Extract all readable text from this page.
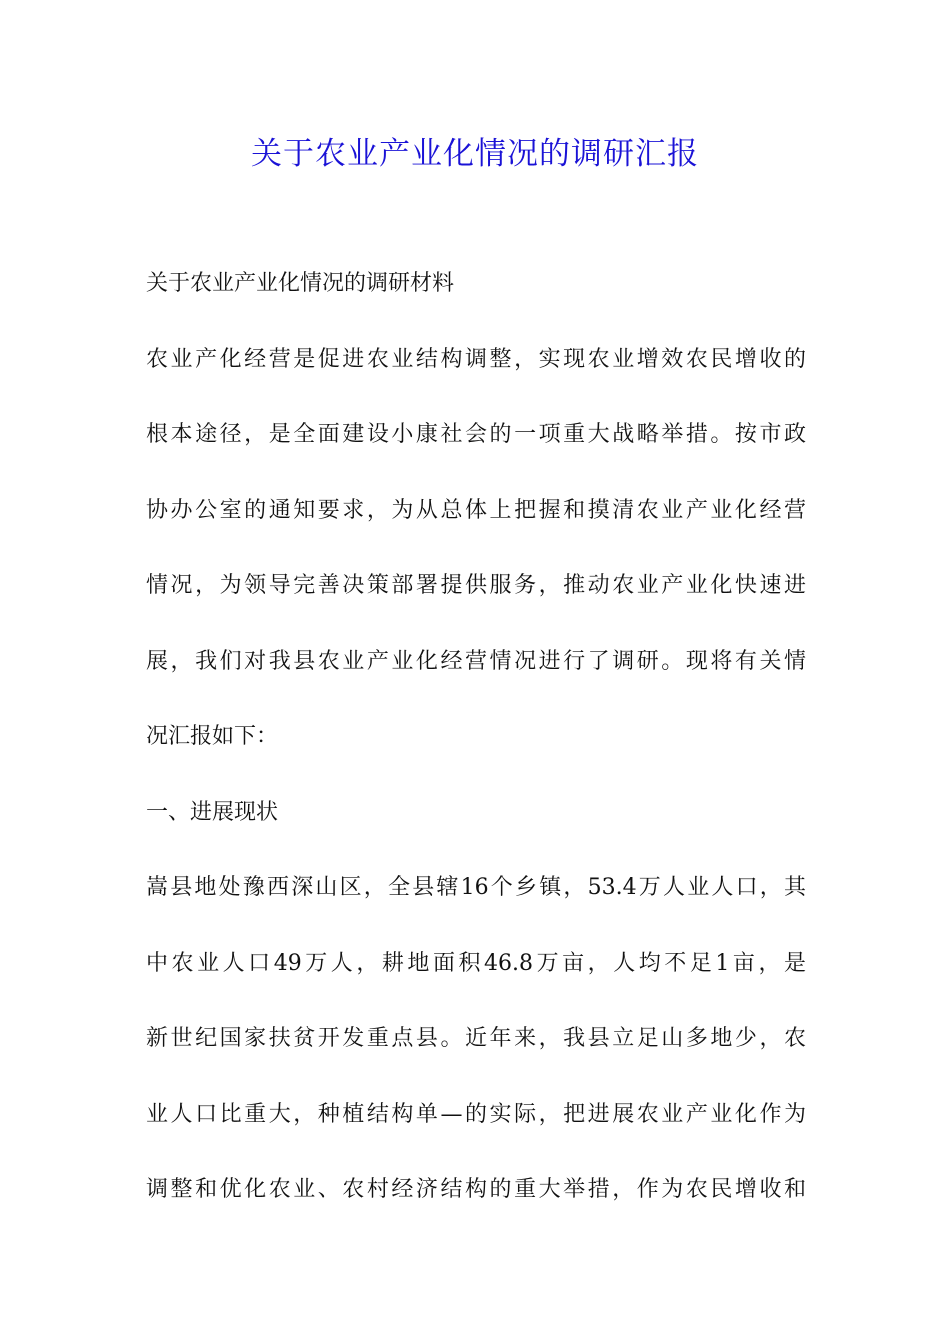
关于农业产业化情况的调研汇报
关于农业产业化情况的调研材料
农业产化经营是促进农业结构调整，实现农业增效农民增收的
根本途径，是全面建设小康社会的一项重大战略举措。按市政
协办公室的通知要求，为从总体上把握和摸清农业产业化经营
情况，为领导完善决策部署提供服务，推动农业产业化快速进
展，我们对我县农业产业化经营情况进行了调研。现将有关情
况汇报如下：
一、进展现状
嵩县地处豫西深山区，全县辖16个乡镇，53.4万人业人口，其
中农业人口49万人，耕地面积46.8万亩，人均不足1亩，是
新世纪国家扶贫开发重点县。近年来，我县立足山多地少，农
业人口比重大，种植结构单—的实际，把进展农业产业化作为
调整和优化农业、农村经济结构的重大举措，作为农民增收和
